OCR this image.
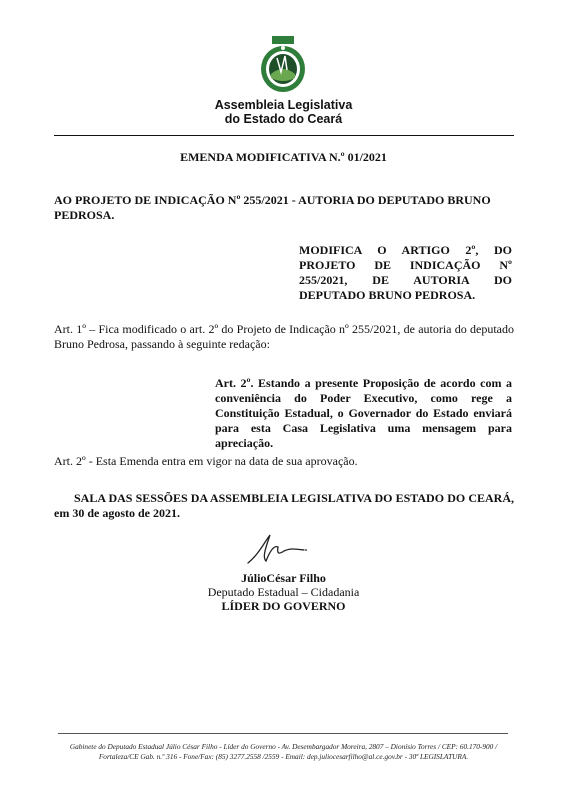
Assembleia Legislativa
do Estado do Ceará
EMENDA MODIFICATIVA N.º 01/2021
AO PROJETO DE INDICAÇÃO Nº 255/2021 - AUTORIA DO DEPUTADO BRUNO PEDROSA.
MODIFICA O ARTIGO 2º, DO PROJETO DE INDICAÇÃO Nº 255/2021, DE AUTORIA DO DEPUTADO BRUNO PEDROSA.
Art. 1º – Fica modificado o art. 2º do Projeto de Indicação nº 255/2021, de autoria do deputado Bruno Pedrosa, passando à seguinte redação:
Art. 2º. Estando a presente Proposição de acordo com a conveniência do Poder Executivo, como rege a Constituição Estadual, o Governador do Estado enviará para esta Casa Legislativa uma mensagem para apreciação.
Art. 2º - Esta Emenda entra em vigor na data de sua aprovação.
SALA DAS SESSÕES DA ASSEMBLEIA LEGISLATIVA DO ESTADO DO CEARÁ, em 30 de agosto de 2021.
JúlioCésar Filho
Deputado Estadual – Cidadania
LÍDER DO GOVERNO
Gabinete do Deputado Estadual Júlio César Filho - Líder do Governo - Av. Desembargador Moreira, 2807 – Dionísio Torres / CEP: 60.170-900 /
Fortaleza/CE Gab. n.º 316 - Fone/Fax: (85) 3277.2558 /2559 - Email: dep.juliocesarfilho@al.ce.gov.br - 30ª LEGISLATURA.
